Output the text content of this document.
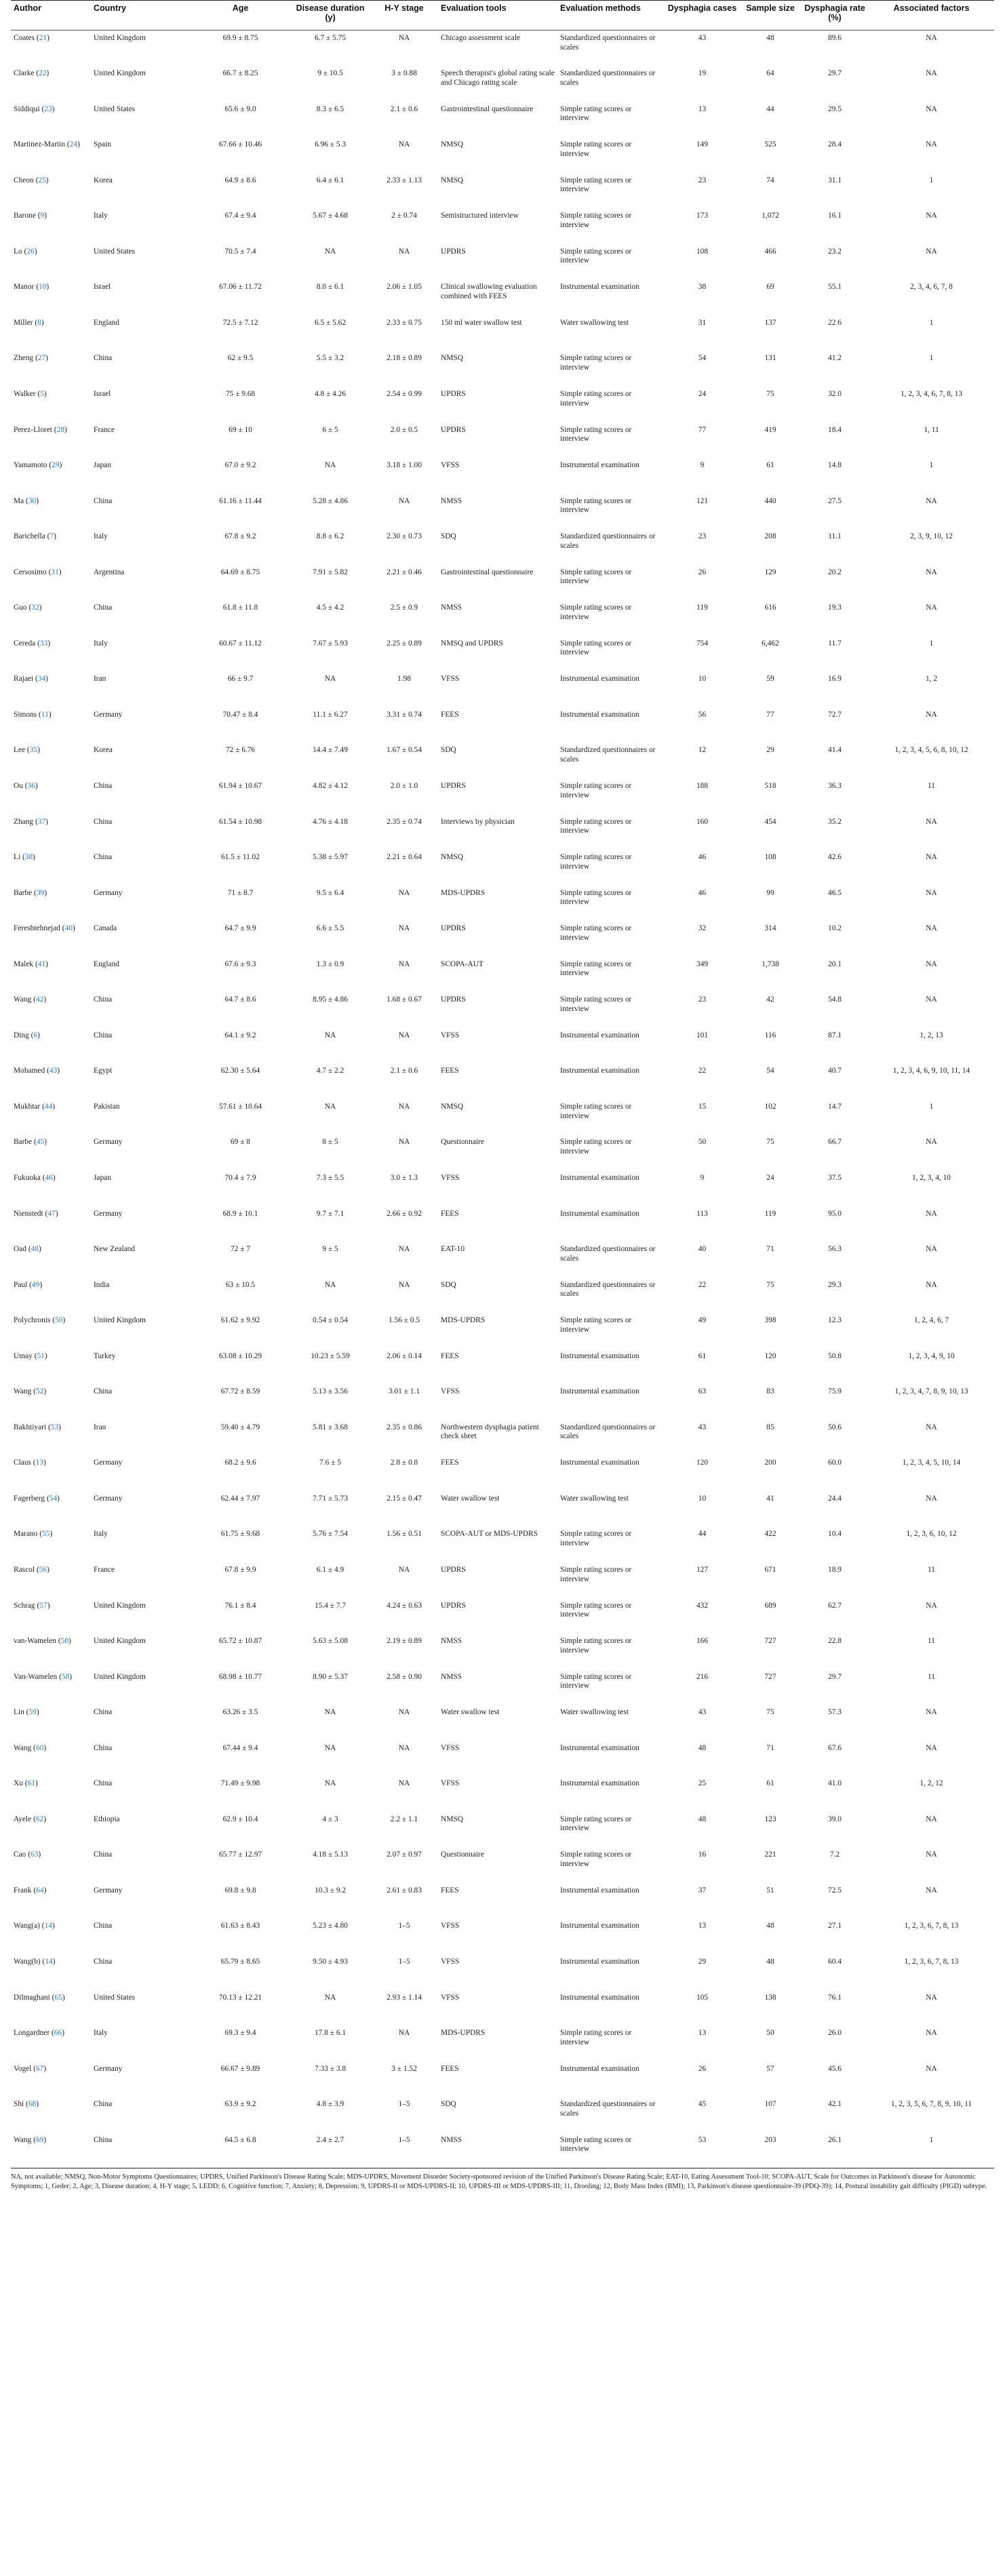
Author	Country	Age	Disease duration (y)	H-Y stage	Evaluation tools	Evaluation methods	Dysphagia cases	Sample size	Dysphagia rate (%)	Associated factors
Coates (21)	United Kingdom	69.9 ± 8.75	6.7 ± 5.75	NA	Chicago assessment scale	Standardized questionnaires or scales	43	48	89.6	NA
Clarke (22)	United Kingdom	66.7 ± 8.25	9 ± 10.5	3 ± 0.88	Speech therapist's global rating scale and Chicago rating scale	Standardized questionnaires or scales	19	64	29.7	NA
Siddiqui (23)	United States	65.6 ± 9.0	8.3 ± 6.5	2.1 ± 0.6	Gastrointestinal questionnaire	Simple rating scores or interview	13	44	29.5	NA
Martinez-Martin (24)	Spain	67.66 ± 10.46	6.96 ± 5.3	NA	NMSQ	Simple rating scores or interview	149	525	28.4	NA
Cheon (25)	Korea	64.9 ± 8.6	6.4 ± 6.1	2.33 ± 1.13	NMSQ	Simple rating scores or interview	23	74	31.1	1
Barone (9)	Italy	67.4 ± 9.4	5.67 ± 4.68	2 ± 0.74	Semistructured interview	Simple rating scores or interview	173	1,072	16.1	NA
Lo (26)	United States	70.5 ± 7.4	NA	NA	UPDRS	Simple rating scores or interview	108	466	23.2	NA
Manor (10)	Israel	67.06 ± 11.72	8.0 ± 6.1	2.06 ± 1.05	Clinical swallowing evaluation combined with FEES	Instrumental examination	38	69	55.1	2, 3, 4, 6, 7, 8
Miller (8)	England	72.5 ± 7.12	6.5 ± 5.62	2.33 ± 0.75	150 ml water swallow test	Water swallowing test	31	137	22.6	1
Zheng (27)	China	62 ± 9.5	5.5 ± 3.2	2.18 ± 0.89	NMSQ	Simple rating scores or interview	54	131	41.2	1
Walker (5)	Israel	75 ± 9.68	4.8 ± 4.26	2.54 ± 0.99	UPDRS	Simple rating scores or interview	24	75	32.0	1, 2, 3, 4, 6, 7, 8, 13
Perez-Lloret (28)	France	69 ± 10	6 ± 5	2.0 ± 0.5	UPDRS	Simple rating scores or interview	77	419	18.4	1, 11
Yamamoto (29)	Japan	67.0 ± 9.2	NA	3.18 ± 1.00	VFSS	Instrumental examination	9	61	14.8	1
Ma (30)	China	61.16 ± 11.44	5.28 ± 4.86	NA	NMSS	Simple rating scores or interview	121	440	27.5	NA
Barichella (7)	Italy	67.8 ± 9.2	8.8 ± 6.2	2.30 ± 0.73	SDQ	Standardized questionnaires or scales	23	208	11.1	2, 3, 9, 10, 12
Cersosimo (31)	Argentina	64.69 ± 8.75	7.91 ± 5.82	2.21 ± 0.46	Gastrointestinal questionnaire	Simple rating scores or interview	26	129	20.2	NA
Guo (32)	China	61.8 ± 11.8	4.5 ± 4.2	2.5 ± 0.9	NMSS	Simple rating scores or interview	119	616	19.3	NA
Cereda (33)	Italy	60.67 ± 11.12	7.67 ± 5.93	2.25 ± 0.89	NMSQ and UPDRS	Simple rating scores or interview	754	6,462	11.7	1
Rajaei (34)	Iran	66 ± 9.7	NA	1.98	VFSS	Instrumental examination	10	59	16.9	1, 2
Simons (11)	Germany	70.47 ± 8.4	11.1 ± 6.27	3.31 ± 0.74	FEES	Instrumental examination	56	77	72.7	NA
Lee (35)	Korea	72 ± 6.76	14.4 ± 7.49	1.67 ± 0.54	SDQ	Standardized questionnaires or scales	12	29	41.4	1, 2, 3, 4, 5, 6, 8, 10, 12
Ou (36)	China	61.94 ± 10.67	4.82 ± 4.12	2.0 ± 1.0	UPDRS	Simple rating scores or interview	188	518	36.3	11
Zhang (37)	China	61.54 ± 10.98	4.76 ± 4.18	2.35 ± 0.74	Interviews by physician	Simple rating scores or interview	160	454	35.2	NA
Li (38)	China	61.5 ± 11.02	5.38 ± 5.97	2.21 ± 0.64	NMSQ	Simple rating scores or interview	46	108	42.6	NA
Barbe (39)	Germany	71 ± 8.7	9.5 ± 6.4	NA	MDS-UPDRS	Simple rating scores or interview	46	99	46.5	NA
Fereshtehnejad (40)	Canada	64.7 ± 9.9	6.6 ± 5.5	NA	UPDRS	Simple rating scores or interview	32	314	10.2	NA
Malek (41)	England	67.6 ± 9.3	1.3 ± 0.9	NA	SCOPA-AUT	Simple rating scores or interview	349	1,738	20.1	NA
Wang (42)	China	64.7 ± 8.6	8.95 ± 4.86	1.68 ± 0.67	UPDRS	Simple rating scores or interview	23	42	54.8	NA
Ding (6)	China	64.1 ± 9.2	NA	NA	VFSS	Instrumental examination	101	116	87.1	1, 2, 13
Mohamed (43)	Egypt	62.30 ± 5.64	4.7 ± 2.2	2.1 ± 0.6	FEES	Instrumental examination	22	54	40.7	1, 2, 3, 4, 6, 9, 10, 11, 14
Mukhtar (44)	Pakistan	57.61 ± 10.64	NA	NA	NMSQ	Simple rating scores or interview	15	102	14.7	1
Barbe (45)	Germany	69 ± 8	8 ± 5	NA	Questionnaire	Simple rating scores or interview	50	75	66.7	NA
Fukuoka (46)	Japan	70.4 ± 7.9	7.3 ± 5.5	3.0 ± 1.3	VFSS	Instrumental examination	9	24	37.5	1, 2, 3, 4, 10
Nienstedt (47)	Germany	68.9 ± 10.1	9.7 ± 7.1	2.66 ± 0.92	FEES	Instrumental examination	113	119	95.0	NA
Oad (48)	New Zealand	72 ± 7	9 ± 5	NA	EAT-10	Standardized questionnaires or scales	40	71	56.3	NA
Paul (49)	India	63 ± 10.5	NA	NA	SDQ	Standardized questionnaires or scales	22	75	29.3	NA
Polychronis (50)	United Kingdom	61.62 ± 9.92	0.54 ± 0.54	1.56 ± 0.5	MDS-UPDRS	Simple rating scores or interview	49	398	12.3	1, 2, 4, 6, 7
Umay (51)	Turkey	63.08 ± 10.29	10.23 ± 5.59	2.06 ± 0.14	FEES	Instrumental examination	61	120	50.8	1, 2, 3, 4, 9, 10
Wang (52)	China	67.72 ± 8.59	5.13 ± 3.56	3.01 ± 1.1	VFSS	Instrumental examination	63	83	75.9	1, 2, 3, 4, 7, 8, 9, 10, 13
Bakhtiyari (53)	Iran	59.40 ± 4.79	5.81 ± 3.68	2.35 ± 0.86	Northwestern dysphagia patient check sheet	Standardized questionnaires or scales	43	85	50.6	NA
Claus (13)	Germany	68.2 ± 9.6	7.6 ± 5	2.8 ± 0.8	FEES	Instrumental examination	120	200	60.0	1, 2, 3, 4, 5, 10, 14
Fagerberg (54)	Germany	62.44 ± 7.97	7.71 ± 5.73	2.15 ± 0.47	Water swallow test	Water swallowing test	10	41	24.4	NA
Marano (55)	Italy	61.75 ± 9.68	5.76 ± 7.54	1.56 ± 0.51	SCOPA-AUT or MDS-UPDRS	Simple rating scores or interview	44	422	10.4	1, 2, 3, 6, 10, 12
Rascol (56)	France	67.8 ± 9.9	6.1 ± 4.9	NA	UPDRS	Simple rating scores or interview	127	671	18.9	11
Schrag (57)	United Kingdom	76.1 ± 8.4	15.4 ± 7.7	4.24 ± 0.63	UPDRS	Simple rating scores or interview	432	689	62.7	NA
van-Wamelen (58)	United Kingdom	65.72 ± 10.87	5.63 ± 5.08	2.19 ± 0.89	NMSS	Simple rating scores or interview	166	727	22.8	11
Van-Wamelen (58)	United Kingdom	68.98 ± 10.77	8.90 ± 5.37	2.58 ± 0.90	NMSS	Simple rating scores or interview	216	727	29.7	11
Lin (59)	China	63.26 ± 3.5	NA	NA	Water swallow test	Water swallowing test	43	75	57.3	NA
Wang (60)	China	67.44 ± 9.4	NA	NA	VFSS	Instrumental examination	48	71	67.6	NA
Xu (61)	China	71.49 ± 9.98	NA	NA	VFSS	Instrumental examination	25	61	41.0	1, 2, 12
Ayele (62)	Ethiopia	62.9 ± 10.4	4 ± 3	2.2 ± 1.1	NMSQ	Simple rating scores or interview	48	123	39.0	NA
Cao (63)	China	65.77 ± 12.97	4.18 ± 5.13	2.07 ± 0.97	Questionnaire	Simple rating scores or interview	16	221	7.2	NA
Frank (64)	Germany	69.8 ± 9.8	10.3 ± 9.2	2.61 ± 0.83	FEES	Instrumental examination	37	51	72.5	NA
Wang(a) (14)	China	61.63 ± 8.43	5.23 ± 4.80	1–5	VFSS	Instrumental examination	13	48	27.1	1, 2, 3, 6, 7, 8, 13
Wang(b) (14)	China	65.79 ± 8.65	9.50 ± 4.93	1–5	VFSS	Instrumental examination	29	48	60.4	1, 2, 3, 6, 7, 8, 13
Dilmaghani (65)	United States	70.13 ± 12.21	NA	2.93 ± 1.14	VFSS	Instrumental examination	105	138	76.1	NA
Longardner (66)	Italy	69.3 ± 9.4	17.8 ± 6.1	NA	MDS-UPDRS	Simple rating scores or interview	13	50	26.0	NA
Vogel (67)	Germany	66.67 ± 9.89	7.33 ± 3.8	3 ± 1.52	FEES	Instrumental examination	26	57	45.6	NA
Shi (68)	China	63.9 ± 9.2	4.8 ± 3.9	1–5	SDQ	Standardized questionnaires or scales	45	107	42.1	1, 2, 3, 5, 6, 7, 8, 9, 10, 11
Wang (69)	China	64.5 ± 6.8	2.4 ± 2.7	1–5	NMSS	Simple rating scores or interview	53	203	26.1	1

NA, not available; NMSQ, Non-Motor Symptoms Questionnaires; UPDRS, Unified Parkinson's Disease Rating Scale; MDS-UPDRS, Movement Disorder Society-sponsored revision of the Unified Parkinson's Disease Rating Scale; EAT-10, Eating Assessment Tool-10; SCOPA-AUT, Scale for Outcomes in Parkinson's disease for Autonomic Symptoms; 1, Geder; 2, Age; 3, Disease duration; 4, H-Y stage; 5, LEDD; 6, Cognitive function; 7, Anxiety; 8, Depression; 9, UPDRS-II or MDS-UPDRS-II; 10, UPDRS-III or MDS-UPDRS-III; 11, Drooling; 12, Body Mass Index (BMI); 13, Parkinson's disease questionnaire-39 (PDQ-39); 14, Postural instability gait difficulty (PIGD) subtype.
